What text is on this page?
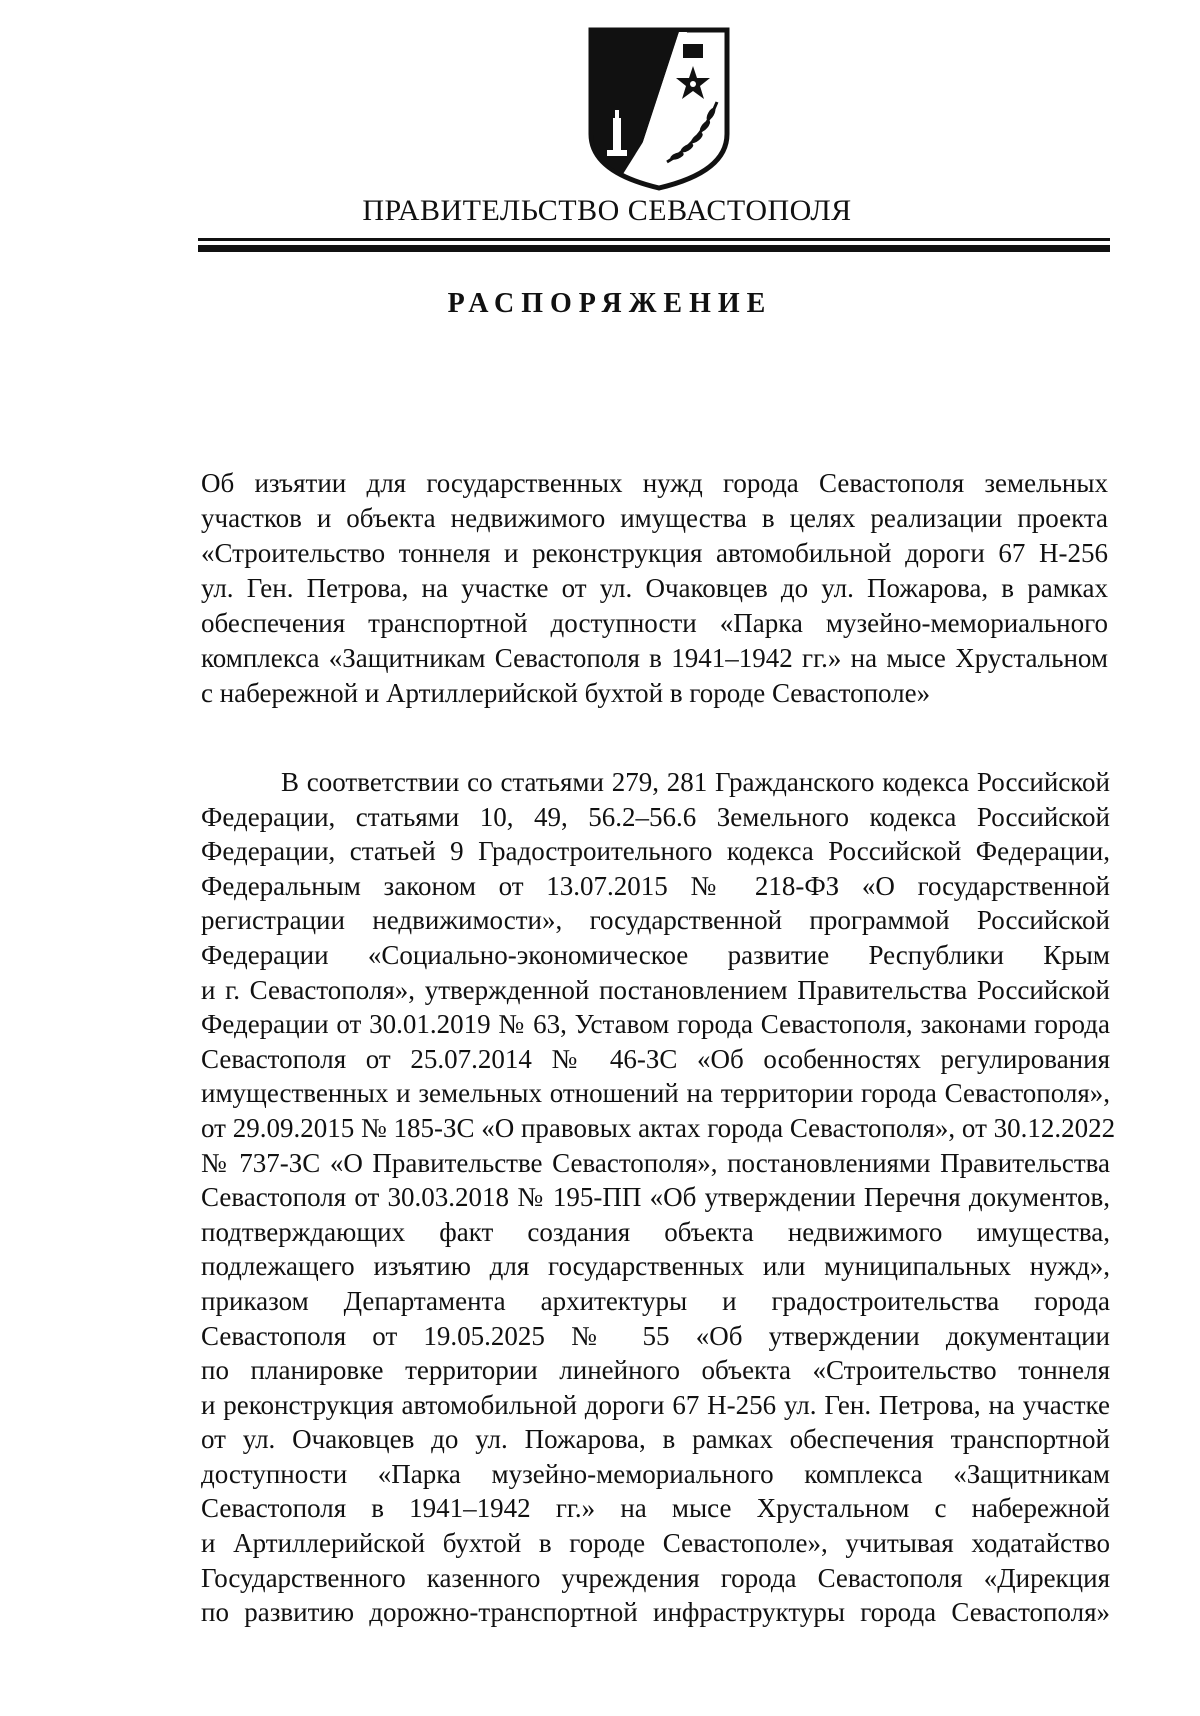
ПРАВИТЕЛЬСТВО СЕВАСТОПОЛЯ
РАСПОРЯЖЕНИЕ
Об изъятии для государственных нужд города Севастополя земельных
участков и объекта недвижимого имущества в целях реализации проекта
«Строительство тоннеля и реконструкция автомобильной дороги 67 Н-256
ул. Ген. Петрова, на участке от ул. Очаковцев до ул. Пожарова, в рамках
обеспечения транспортной доступности «Парка музейно-мемориального
комплекса «Защитникам Севастополя в 1941–1942 гг.» на мысе Хрустальном
с набережной и Артиллерийской бухтой в городе Севастополе»
В соответствии со статьями 279, 281 Гражданского кодекса Российской
Федерации, статьями 10, 49, 56.2–56.6 Земельного кодекса Российской
Федерации, статьей 9 Градостроительного кодекса Российской Федерации,
Федеральным законом от 13.07.2015 № 218-ФЗ «О государственной
регистрации недвижимости», государственной программой Российской
Федерации «Социально-экономическое развитие Республики Крым
и г. Севастополя», утвержденной постановлением Правительства Российской
Федерации от 30.01.2019 № 63, Уставом города Севастополя, законами города
Севастополя от 25.07.2014 № 46-ЗС «Об особенностях регулирования
имущественных и земельных отношений на территории города Севастополя»,
от 29.09.2015 № 185-ЗС «О правовых актах города Севастополя», от 30.12.2022
№ 737-ЗС «О Правительстве Севастополя», постановлениями Правительства
Севастополя от 30.03.2018 № 195-ПП «Об утверждении Перечня документов,
подтверждающих факт создания объекта недвижимого имущества,
подлежащего изъятию для государственных или муниципальных нужд»,
приказом Департамента архитектуры и градостроительства города
Севастополя от 19.05.2025 № 55 «Об утверждении документации
по планировке территории линейного объекта «Строительство тоннеля
и реконструкция автомобильной дороги 67 Н-256 ул. Ген. Петрова, на участке
от ул. Очаковцев до ул. Пожарова, в рамках обеспечения транспортной
доступности «Парка музейно-мемориального комплекса «Защитникам
Севастополя в 1941–1942 гг.» на мысе Хрустальном с набережной
и Артиллерийской бухтой в городе Севастополе», учитывая ходатайство
Государственного казенного учреждения города Севастополя «Дирекция
по развитию дорожно-транспортной инфраструктуры города Севастополя»
